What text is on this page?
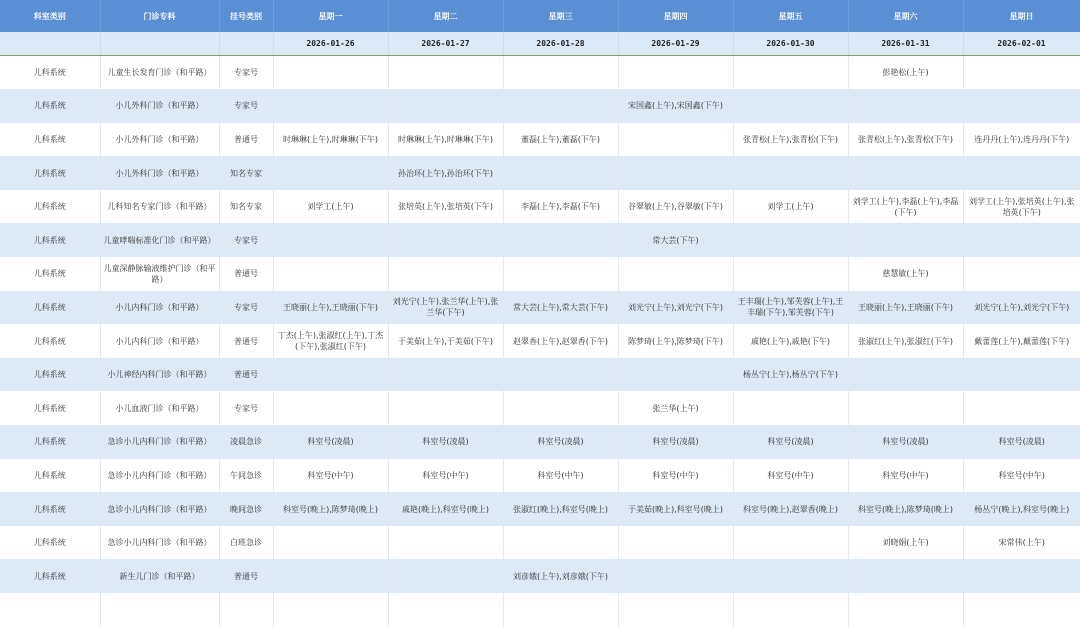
科室类别	门诊专科	挂号类别	星期一	星期二	星期三	星期四	星期五	星期六	星期日
			2026-01-26	2026-01-27	2026-01-28	2026-01-29	2026-01-30	2026-01-31	2026-02-01
儿科系统	儿童生长发育门诊（和平路）	专家号						彭艳松(上午)	
儿科系统	小儿外科门诊（和平路）	专家号				宋国鑫(上午),宋国鑫(下午)			
儿科系统	小儿外科门诊（和平路）	普通号	时琳琳(上午),时琳琳(下午)	时琳琳(上午),时琳琳(下午)	董磊(上午),董磊(下午)		张青松(上午),张青松(下午)	张青松(上午),张青松(下午)	连丹丹(上午),连丹丹(下午)
儿科系统	小儿外科门诊（和平路）	知名专家		孙治环(上午),孙治环(下午)					
儿科系统	儿科知名专家门诊（和平路）	知名专家	刘学工(上午)	张培英(上午),张培英(下午)	李磊(上午),李磊(下午)	谷翠敏(上午),谷翠敏(下午)	刘学工(上午)	刘学工(上午),李磊(上午),李磊(下午)	刘学工(上午),张培英(上午),张培英(下午)
儿科系统	儿童哮喘标准化门诊（和平路）	专家号				常大芸(下午)			
儿科系统	儿童深静脉输液维护门诊（和平路）	普通号						慈慧敏(上午)	
儿科系统	小儿内科门诊（和平路）	专家号	王晓丽(上午),王晓丽(下午)	刘光宁(上午),张兰华(上午),张兰华(下午)	常大芸(上午),常大芸(下午)	刘光宁(上午),刘光宁(下午)	王丰瑞(上午),邹芙蓉(上午),王丰瑞(下午),邹芙蓉(下午)	王晓丽(上午),王晓丽(下午)	刘光宁(上午),刘光宁(下午)
儿科系统	小儿内科门诊（和平路）	普通号	丁杰(上午),张淑红(上午),丁杰(下午),张淑红(下午)	于美茹(上午),于美茹(下午)	赵翠香(上午),赵翠香(下午)	陈梦琦(上午),陈梦琦(下午)	戚艳(上午),戚艳(下午)	张淑红(上午),张淑红(下午)	戴蕾莲(上午),戴蕾莲(下午)
儿科系统	小儿神经内科门诊（和平路）	普通号					杨丛宁(上午),杨丛宁(下午)		
儿科系统	小儿血液门诊（和平路）	专家号				张兰华(上午)			
儿科系统	急诊小儿内科门诊（和平路）	凌晨急诊	科室号(凌晨)	科室号(凌晨)	科室号(凌晨)	科室号(凌晨)	科室号(凌晨)	科室号(凌晨)	科室号(凌晨)
儿科系统	急诊小儿内科门诊（和平路）	午间急诊	科室号(中午)	科室号(中午)	科室号(中午)	科室号(中午)	科室号(中午)	科室号(中午)	科室号(中午)
儿科系统	急诊小儿内科门诊（和平路）	晚间急诊	科室号(晚上),陈梦琦(晚上)	戚艳(晚上),科室号(晚上)	张淑红(晚上),科室号(晚上)	于美茹(晚上),科室号(晚上)	科室号(晚上),赵翠香(晚上)	科室号(晚上),陈梦琦(晚上)	杨丛宁(晚上),科室号(晚上)
儿科系统	急诊小儿内科门诊（和平路）	白班急诊						刘晓娟(上午)	宋常伟(上午)
儿科系统	新生儿门诊（和平路）	普通号			刘彦娥(上午),刘彦娥(下午)				
